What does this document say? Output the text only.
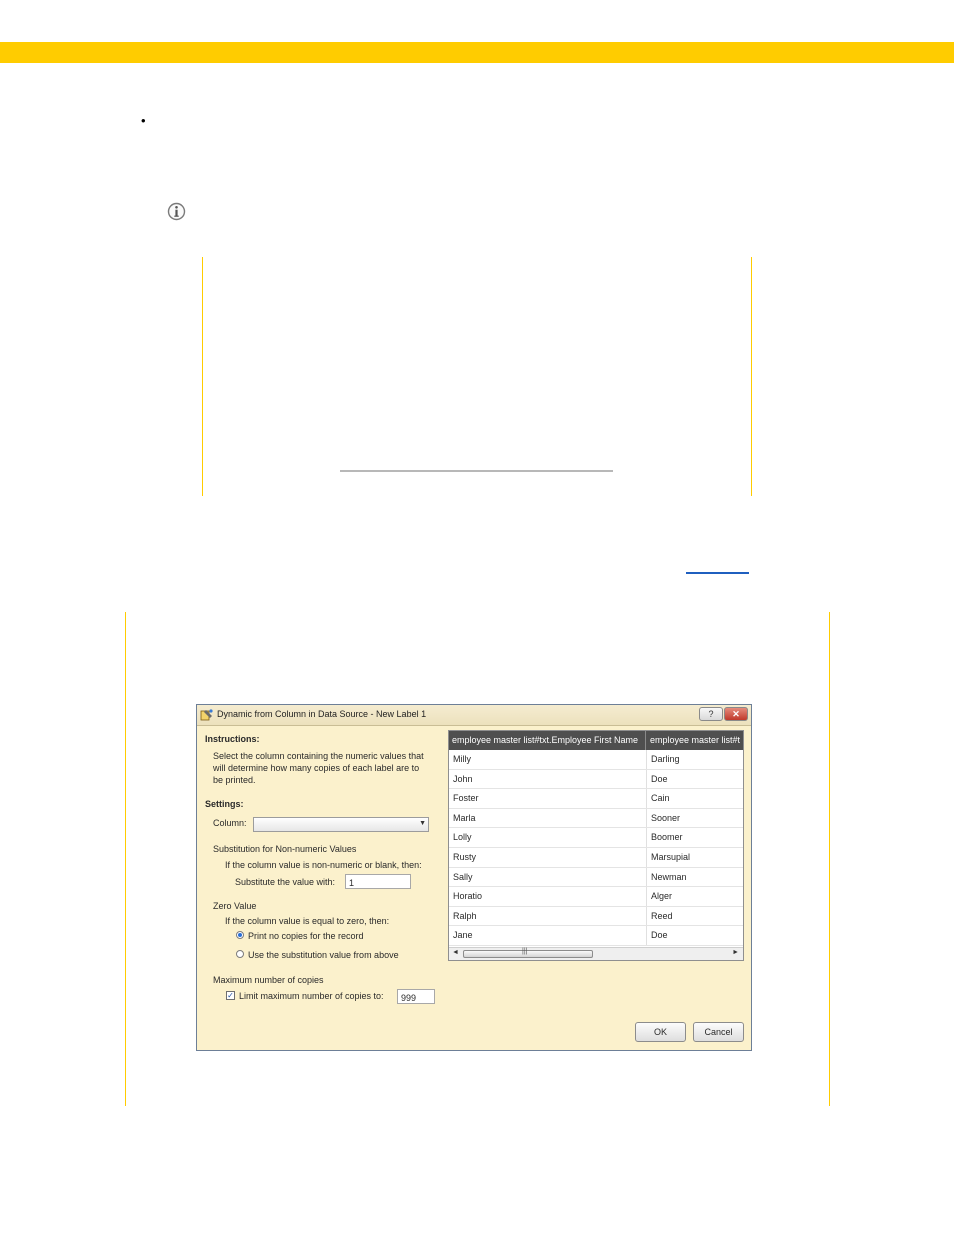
•
Dynamic from Column in Data Source - New Label 1	?	✕
Instructions:
Select the column containing the numeric values that
will determine how many copies of each label are to
be printed.
Settings:
Column:	▼
Substitution for Non-numeric Values
If the column value is non-numeric or blank, then:
Substitute the value with:	1
Zero Value
If the column value is equal to zero, then:
Print no copies for the record
Use the substitution value from above
Maximum number of copies
✓ Limit maximum number of copies to:	999
OK	Cancel
employee master list#txt.Employee First Name	employee master list#t
Milly	Darling
John	Doe
Foster	Cain
Marla	Sooner
Lolly	Boomer
Rusty	Marsupial
Sally	Newman
Horatio	Alger
Ralph	Reed
Jane	Doe
◄	|||	►
